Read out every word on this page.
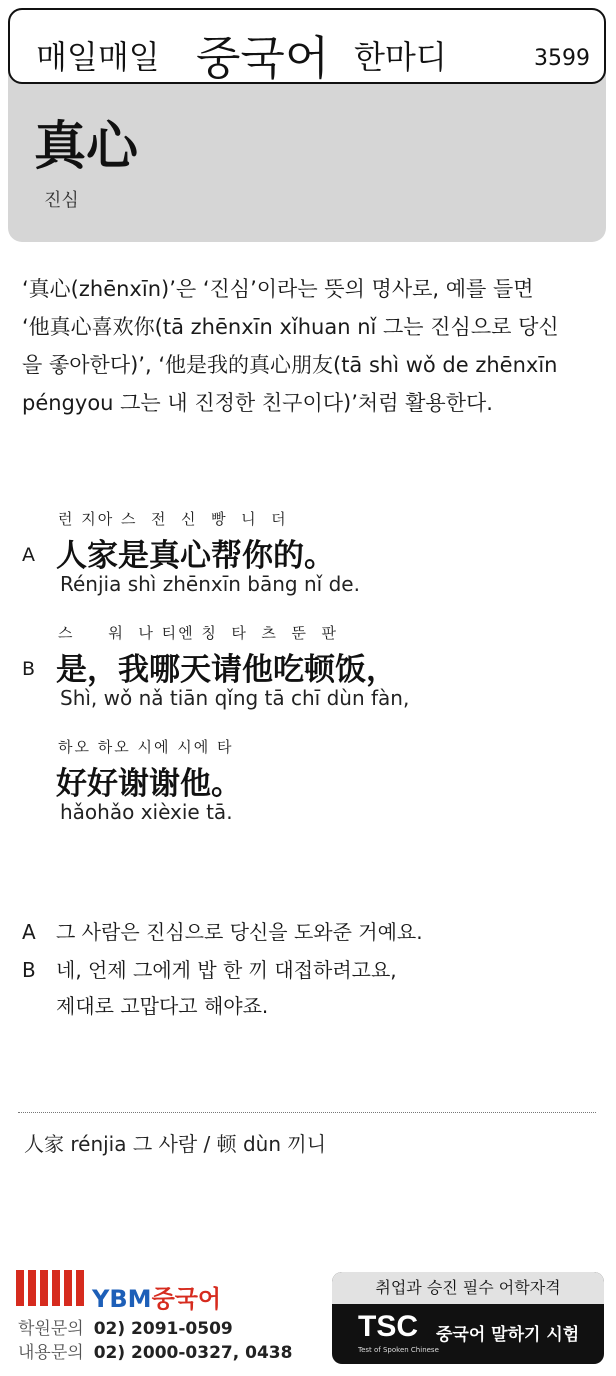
매일매일 중국어 한마디	3599
真心
진심
‘真心(zhēnxīn)’은 ‘진심’이라는 뜻의 명사로, 예를 들면
‘他真心喜欢你(tā zhēnxīn xǐhuan nǐ 그는 진심으로 당신
을 좋아한다)’, ‘他是我的真心朋友(tā shì wǒ de zhēnxīn
péngyou 그는 내 진정한 친구이다)’처럼 활용한다.
런 지아 스  전  신  빵  니  더
A 人家是真心帮你的。
Rénjia shì zhēnxīn bāng nǐ de.
스     워  나 티엔 칭  타  츠  뚠  판
B 是，我哪天请他吃顿饭，
Shì, wǒ nǎ tiān qǐng tā chī dùn fàn,
하오 하오 시에 시에 타
好好谢谢他。
hǎohǎo xièxie tā.
A 그 사람은 진심으로 당신을 도와준 거예요.
B 네, 언제 그에게 밥 한 끼 대접하려고요,
제대로 고맙다고 해야죠.
人家 rénjia 그 사람 / 顿 dùn 끼니
YBM중국어
학원문의 02) 2091-0509
내용문의 02) 2000-0327, 0438
취업과 승진 필수 어학자격
TSC
Test of Spoken Chinese
중국어 말하기 시험
